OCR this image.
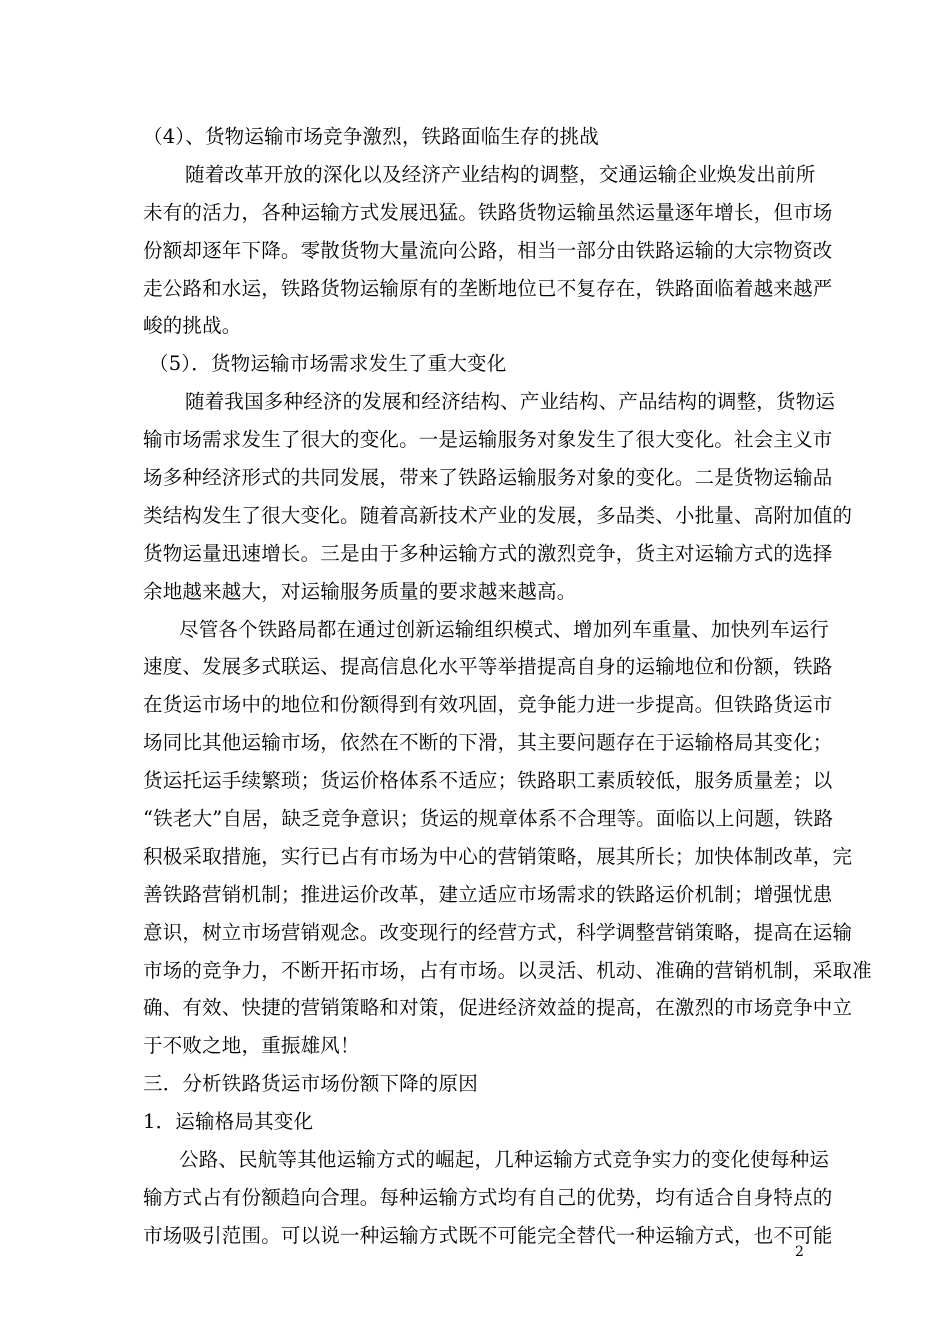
（4）、货物运输市场竞争激烈，铁路面临生存的挑战
随着改革开放的深化以及经济产业结构的调整，交通运输企业焕发出前所
未有的活力，各种运输方式发展迅猛。铁路货物运输虽然运量逐年增长，但市场
份额却逐年下降。零散货物大量流向公路，相当一部分由铁路运输的大宗物资改
走公路和水运，铁路货物运输原有的垄断地位已不复存在，铁路面临着越来越严
峻的挑战。
（5）．货物运输市场需求发生了重大变化
随着我国多种经济的发展和经济结构、产业结构、产品结构的调整，货物运
输市场需求发生了很大的变化。一是运输服务对象发生了很大变化。社会主义市
场多种经济形式的共同发展，带来了铁路运输服务对象的变化。二是货物运输品
类结构发生了很大变化。随着高新技术产业的发展，多品类、小批量、高附加值的
货物运量迅速增长。三是由于多种运输方式的激烈竞争，货主对运输方式的选择
余地越来越大，对运输服务质量的要求越来越高。
尽管各个铁路局都在通过创新运输组织模式、增加列车重量、加快列车运行
速度、发展多式联运、提高信息化水平等举措提高自身的运输地位和份额，铁路
在货运市场中的地位和份额得到有效巩固，竞争能力进一步提高。但铁路货运市
场同比其他运输市场，依然在不断的下滑，其主要问题存在于运输格局其变化；
货运托运手续繁琐；货运价格体系不适应；铁路职工素质较低，服务质量差；以
“铁老大”自居，缺乏竞争意识；货运的规章体系不合理等。面临以上问题，铁路
积极采取措施，实行已占有市场为中心的营销策略，展其所长；加快体制改革，完
善铁路营销机制；推进运价改革，建立适应市场需求的铁路运价机制；增强忧患
意识，树立市场营销观念。改变现行的经营方式，科学调整营销策略，提高在运输
市场的竞争力，不断开拓市场，占有市场。以灵活、机动、准确的营销机制，采取准
确、有效、快捷的营销策略和对策，促进经济效益的提高，在激烈的市场竞争中立
于不败之地，重振雄风！
三．分析铁路货运市场份额下降的原因
1．运输格局其变化
公路、民航等其他运输方式的崛起，几种运输方式竞争实力的变化使每种运
输方式占有份额趋向合理。每种运输方式均有自己的优势，均有适合自身特点的
市场吸引范围。可以说一种运输方式既不可能完全替代一种运输方式，也不可能
2
